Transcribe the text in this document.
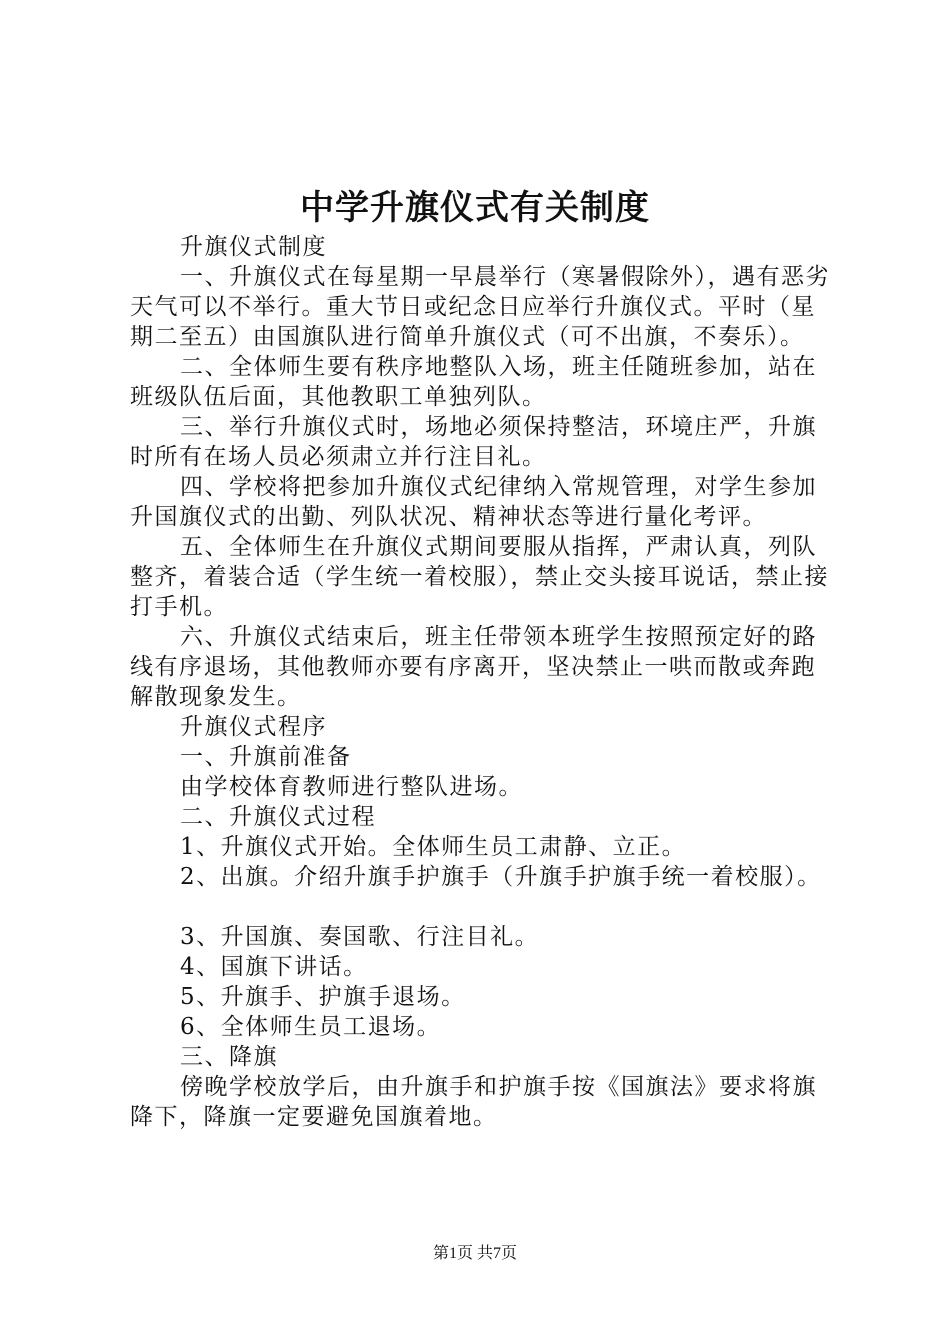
中学升旗仪式有关制度

升旗仪式制度

一、升旗仪式在每星期一早晨举行（寒暑假除外），遇有恶劣天气可以不举行。重大节日或纪念日应举行升旗仪式。平时（星期二至五）由国旗队进行简单升旗仪式（可不出旗，不奏乐）。

二、全体师生要有秩序地整队入场，班主任随班参加，站在班级队伍后面，其他教职工单独列队。

三、举行升旗仪式时，场地必须保持整洁，环境庄严，升旗时所有在场人员必须肃立并行注目礼。

四、学校将把参加升旗仪式纪律纳入常规管理，对学生参加升国旗仪式的出勤、列队状况、精神状态等进行量化考评。

五、全体师生在升旗仪式期间要服从指挥，严肃认真，列队整齐，着装合适（学生统一着校服），禁止交头接耳说话，禁止接打手机。

六、升旗仪式结束后，班主任带领本班学生按照预定好的路线有序退场，其他教师亦要有序离开，坚决禁止一哄而散或奔跑解散现象发生。

升旗仪式程序

一、升旗前准备

由学校体育教师进行整队进场。

二、升旗仪式过程

1、升旗仪式开始。全体师生员工肃静、立正。

2、出旗。介绍升旗手护旗手（升旗手护旗手统一着校服）。

3、升国旗、奏国歌、行注目礼。

4、国旗下讲话。

5、升旗手、护旗手退场。

6、全体师生员工退场。

三、降旗

傍晚学校放学后，由升旗手和护旗手按《国旗法》要求将旗降下，降旗一定要避免国旗着地。

第1页 共7页
